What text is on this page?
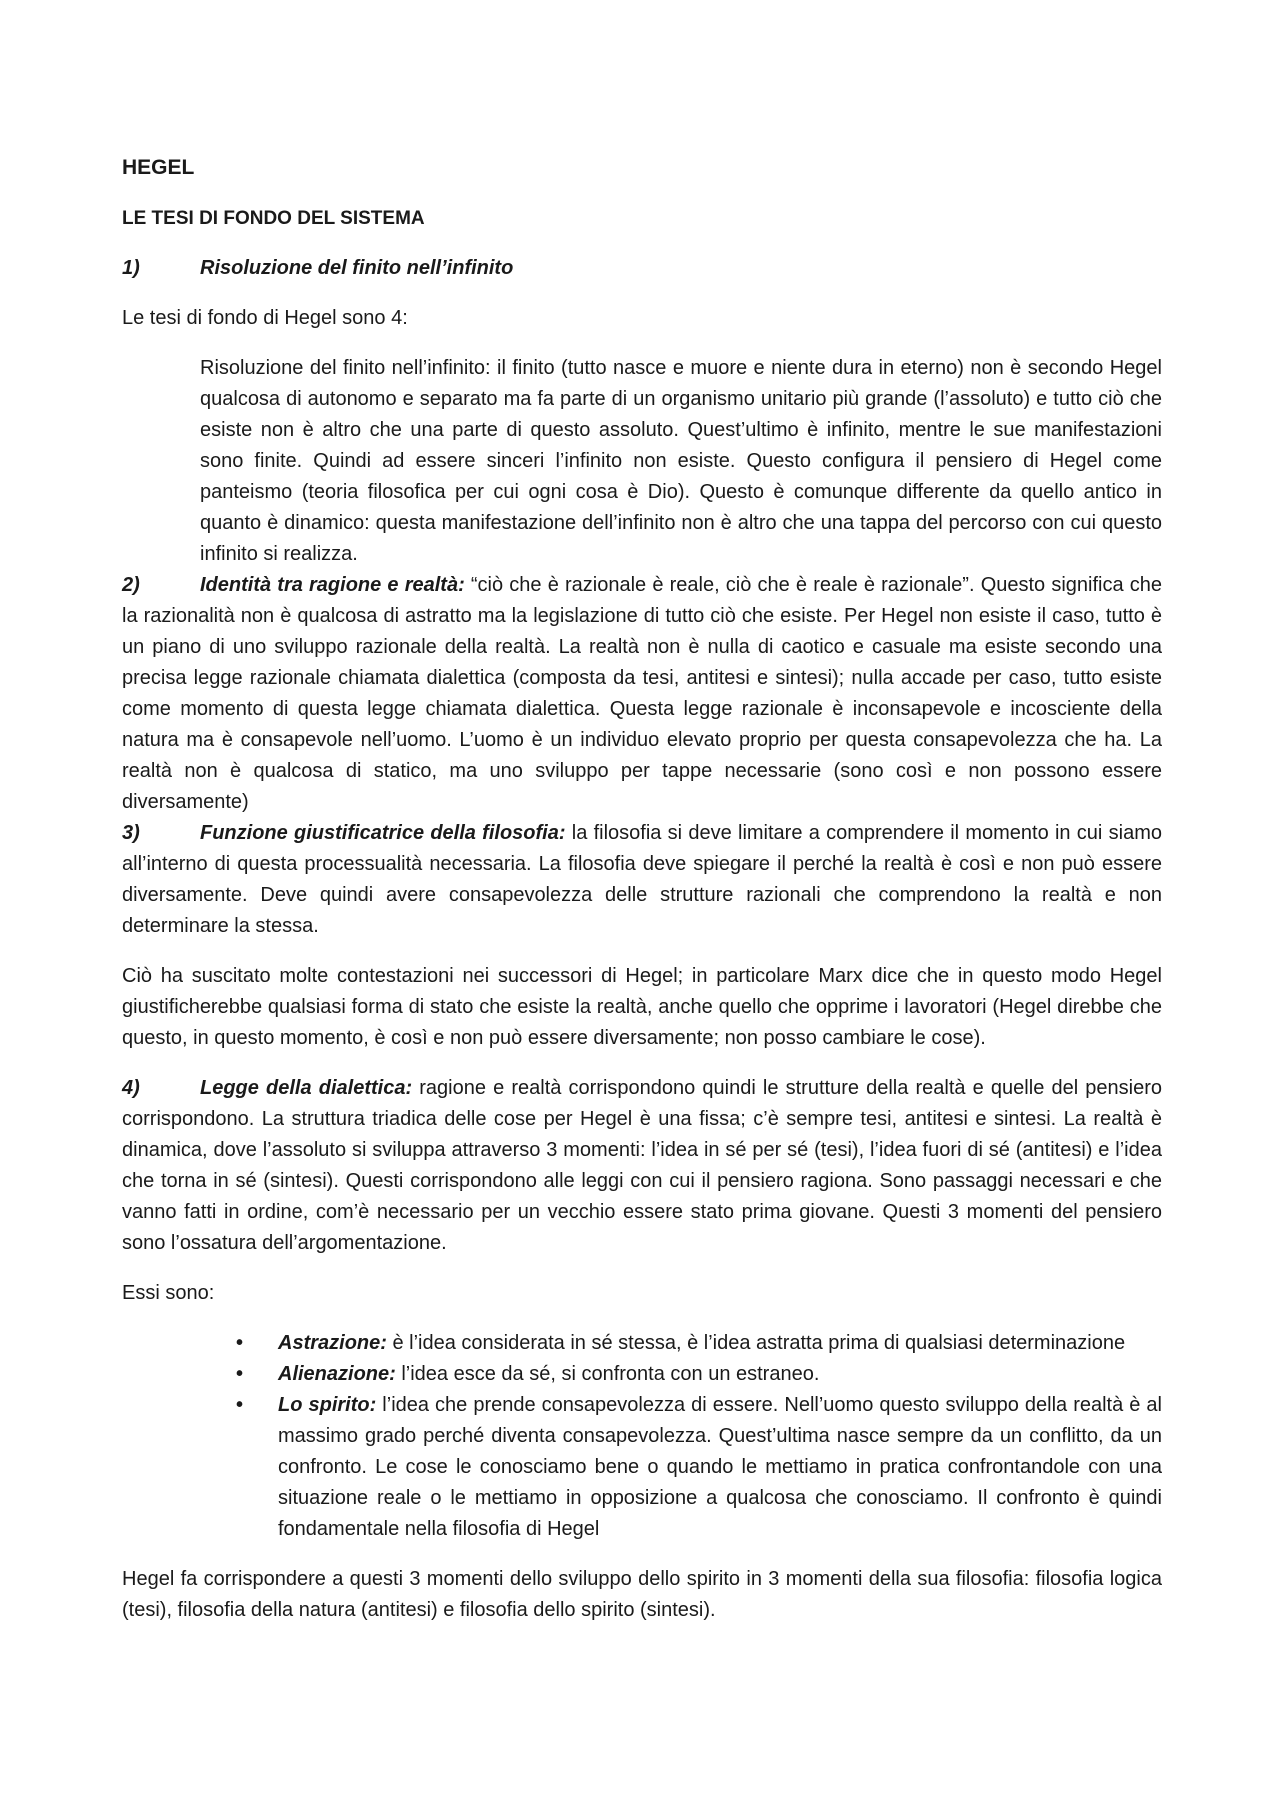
HEGEL
LE TESI DI FONDO DEL SISTEMA
1)	Risoluzione del finito nell’infinito

Le tesi di fondo di Hegel sono 4:

Risoluzione del finito nell’infinito: il finito (tutto nasce e muore e niente dura in eterno) non è secondo Hegel qualcosa di autonomo e separato ma fa parte di un organismo unitario più grande (l’assoluto) e tutto ciò che esiste non è altro che una parte di questo assoluto. Quest’ultimo è infinito, mentre le sue manifestazioni sono finite. Quindi ad essere sinceri l’infinito non esiste. Questo configura il pensiero di Hegel come panteismo (teoria filosofica per cui ogni cosa è Dio). Questo è comunque differente da quello antico in quanto è dinamico: questa manifestazione dell’infinito non è altro che una tappa del percorso con cui questo infinito si realizza.

2)	Identità tra ragione e realtà: “ciò che è razionale è reale, ciò che è reale è razionale”. Questo significa che la razionalità non è qualcosa di astratto ma la legislazione di tutto ciò che esiste. Per Hegel non esiste il caso, tutto è un piano di uno sviluppo razionale della realtà. La realtà non è nulla di caotico e casuale ma esiste secondo una precisa legge razionale chiamata dialettica (composta da tesi, antitesi e sintesi); nulla accade per caso, tutto esiste come momento di questa legge chiamata dialettica. Questa legge razionale è inconsapevole e incosciente della natura ma è consapevole nell’uomo. L’uomo è un individuo elevato proprio per questa consapevolezza che ha. La realtà non è qualcosa di statico, ma uno sviluppo per tappe necessarie (sono così e non possono essere diversamente)

3)	Funzione giustificatrice della filosofia: la filosofia si deve limitare a comprendere il momento in cui siamo all’interno di questa processualità necessaria. La filosofia deve spiegare il perché la realtà è così e non può essere diversamente. Deve quindi avere consapevolezza delle strutture razionali che comprendono la realtà e non determinare la stessa.

Ciò ha suscitato molte contestazioni nei successori di Hegel; in particolare Marx dice che in questo modo Hegel giustificherebbe qualsiasi forma di stato che esiste la realtà, anche quello che opprime i lavoratori (Hegel direbbe che questo, in questo momento, è così e non può essere diversamente; non posso cambiare le cose).

4)	Legge della dialettica: ragione e realtà corrispondono quindi le strutture della realtà e quelle del pensiero corrispondono. La struttura triadica delle cose per Hegel è una fissa; c’è sempre tesi, antitesi e sintesi. La realtà è dinamica, dove l’assoluto si sviluppa attraverso 3 momenti: l’idea in sé per sé (tesi), l’idea fuori di sé (antitesi) e l’idea che torna in sé (sintesi). Questi corrispondono alle leggi con cui il pensiero ragiona. Sono passaggi necessari e che vanno fatti in ordine, com’è necessario per un vecchio essere stato prima giovane. Questi 3 momenti del pensiero sono l’ossatura dell’argomentazione.

Essi sono:

• Astrazione: è l’idea considerata in sé stessa, è l’idea astratta prima di qualsiasi determinazione
• Alienazione: l’idea esce da sé, si confronta con un estraneo.
• Lo spirito: l’idea che prende consapevolezza di essere. Nell’uomo questo sviluppo della realtà è al massimo grado perché diventa consapevolezza. Quest’ultima nasce sempre da un conflitto, da un confronto. Le cose le conosciamo bene o quando le mettiamo in pratica confrontandole con una situazione reale o le mettiamo in opposizione a qualcosa che conosciamo. Il confronto è quindi fondamentale nella filosofia di Hegel

Hegel fa corrispondere a questi 3 momenti dello sviluppo dello spirito in 3 momenti della sua filosofia: filosofia logica (tesi), filosofia della natura (antitesi) e filosofia dello spirito (sintesi).
